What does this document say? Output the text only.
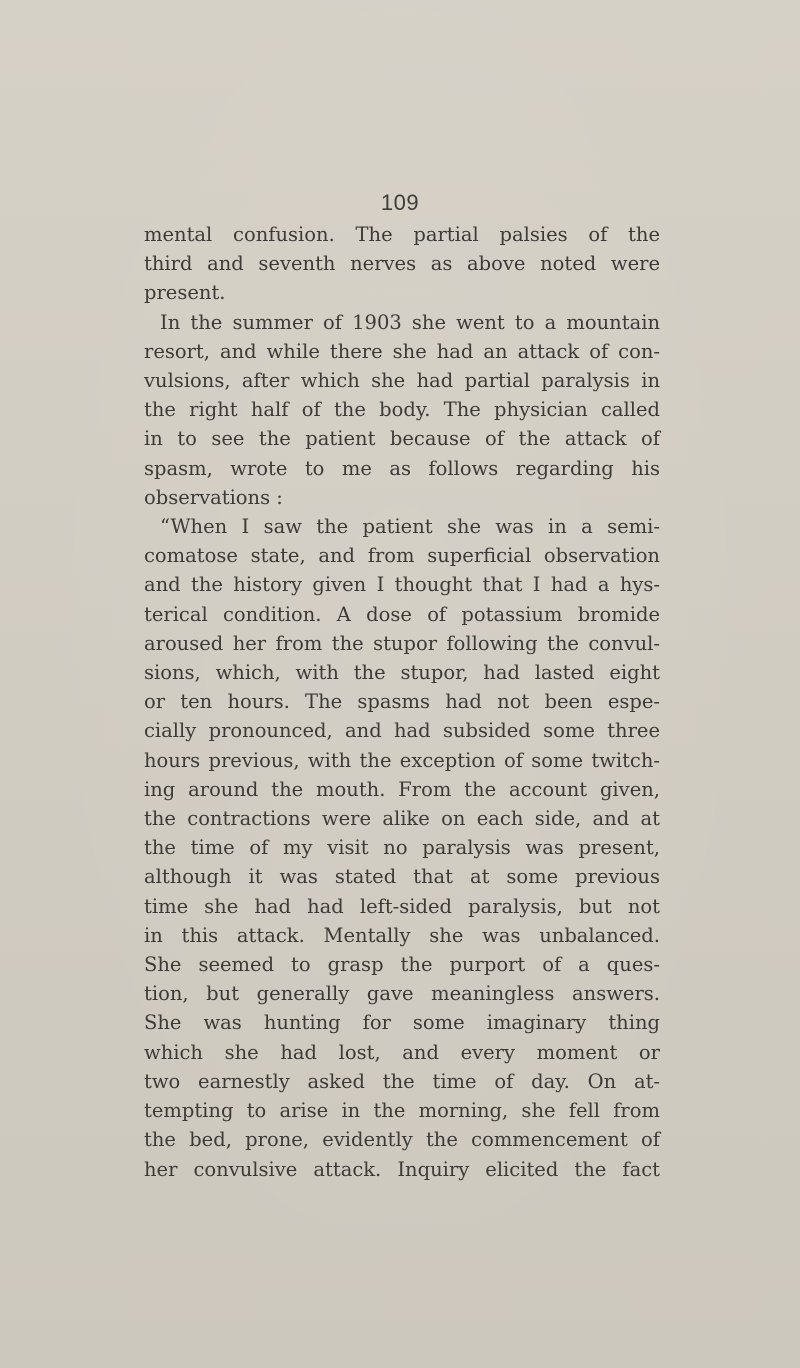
109
mental confusion. The partial palsies of the
third and seventh nerves as above noted were
present.
In the summer of 1903 she went to a mountain
resort, and while there she had an attack of con-
vulsions, after which she had partial paralysis in
the right half of the body. The physician called
in to see the patient because of the attack of
spasm, wrote to me as follows regarding his
observations :
“When I saw the patient she was in a semi-
comatose state, and from superficial observation
and the history given I thought that I had a hys-
terical condition. A dose of potassium bromide
aroused her from the stupor following the convul-
sions, which, with the stupor, had lasted eight
or ten hours. The spasms had not been espe-
cially pronounced, and had subsided some three
hours previous, with the exception of some twitch-
ing around the mouth. From the account given,
the contractions were alike on each side, and at
the time of my visit no paralysis was present,
although it was stated that at some previous
time she had had left-sided paralysis, but not
in this attack. Mentally she was unbalanced.
She seemed to grasp the purport of a ques-
tion, but generally gave meaningless answers.
She was hunting for some imaginary thing
which she had lost, and every moment or
two earnestly asked the time of day. On at-
tempting to arise in the morning, she fell from
the bed, prone, evidently the commencement of
her convulsive attack. Inquiry elicited the fact
